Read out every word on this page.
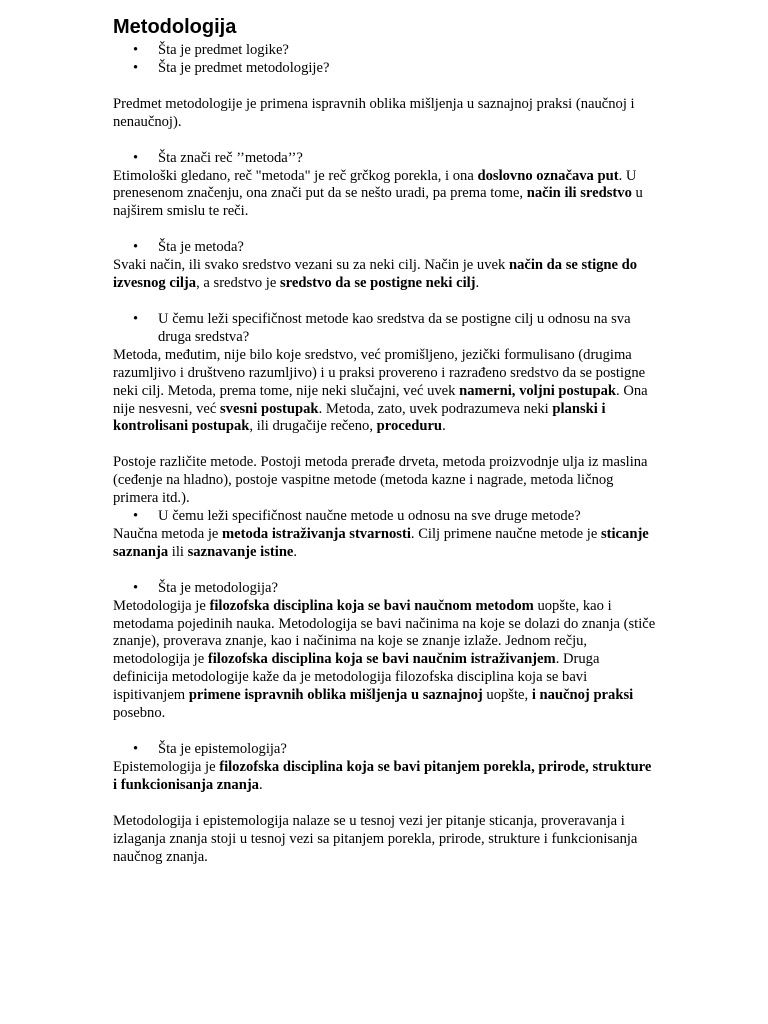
Metodologija
• Šta je predmet logike?
• Šta je predmet metodologije?

Predmet metodologije je primena ispravnih oblika mišljenja u saznajnoj praksi (naučnoj i nenaučnoj).

• Šta znači reč ’’metoda’’?

Etimološki gledano, reč "metoda" je reč grčkog porekla, i ona doslovno označava put. U prenesenom značenju, ona znači put da se nešto uradi, pa prema tome, način ili sredstvo u najširem smislu te reči.

• Šta je metoda?

Svaki način, ili svako sredstvo vezani su za neki cilj. Način je uvek način da se stigne do izvesnog cilja, a sredstvo je sredstvo da se postigne neki cilj.

• U čemu leži specifičnost metode kao sredstva da se postigne cilj u odnosu na sva druga sredstva?

Metoda, međutim, nije bilo koje sredstvo, već promišljeno, jezički formulisano (drugima razumljivo i društveno razumljivo) i u praksi provereno i razrađeno sredstvo da se postigne neki cilj. Metoda, prema tome, nije neki slučajni, već uvek namerni, voljni postupak. Ona nije nesvesni, već svesni postupak. Metoda, zato, uvek podrazumeva neki planski i kontrolisani postupak, ili drugačije rečeno, proceduru.

Postoje različite metode. Postoji metoda prerađe drveta, metoda proizvodnje ulja iz maslina (ceđenje na hladno), postoje vaspitne metode (metoda kazne i nagrade, metoda ličnog primera itd.).

• U čemu leži specifičnost naučne metode u odnosu na sve druge metode?

Naučna metoda je metoda istraživanja stvarnosti. Cilj primene naučne metode je sticanje saznanja ili saznavanje istine.

• Šta je metodologija?

Metodologija je filozofska disciplina koja se bavi naučnom metodom uopšte, kao i metodama pojedinih nauka. Metodologija se bavi načinima na koje se dolazi do znanja (stiče znanje), proverava znanje, kao i načinima na koje se znanje izlaže. Jednom rečju, metodologija je filozofska disciplina koja se bavi naučnim istraživanjem. Druga definicija metodologije kaže da je metodologija filozofska disciplina koja se bavi ispitivanjem primene ispravnih oblika mišljenja u saznajnoj uopšte, i naučnoj praksi posebno.

• Šta je epistemologija?

Epistemologija je filozofska disciplina koja se bavi pitanjem porekla, prirode, strukture i funkcionisanja znanja.

Metodologija i epistemologija nalaze se u tesnoj vezi jer pitanje sticanja, proveravanja i izlaganja znanja stoji u tesnoj vezi sa pitanjem porekla, prirode, strukture i funkcionisanja naučnog znanja.
